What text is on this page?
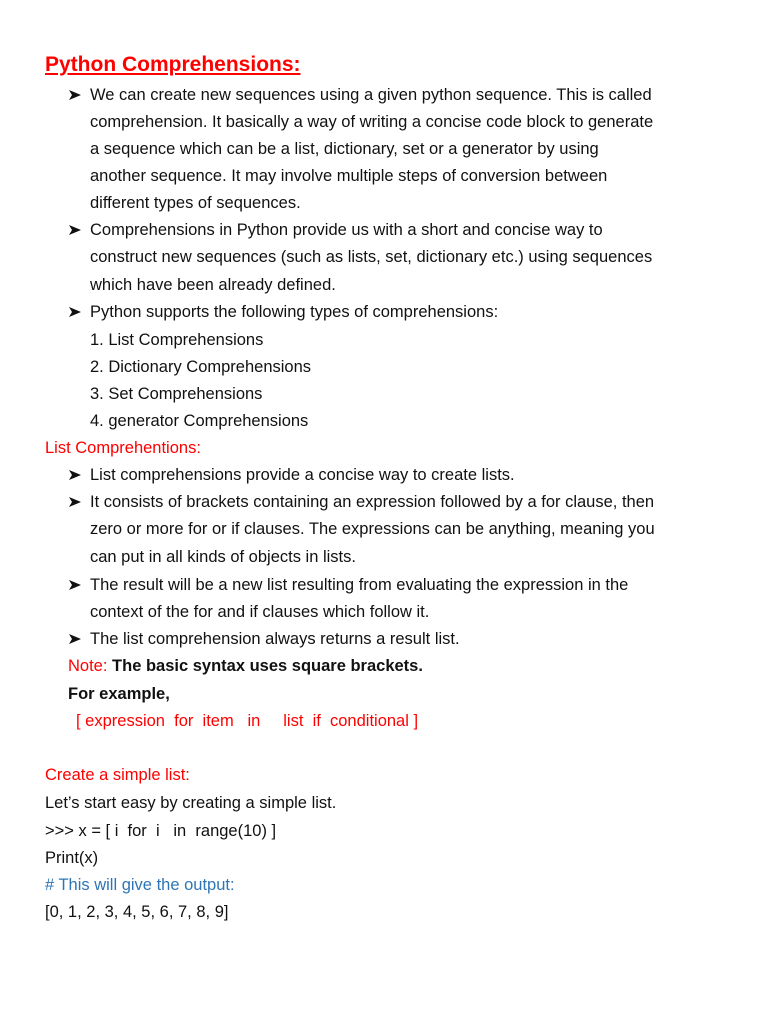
Python Comprehensions:
We can create new sequences using a given python sequence. This is called
comprehension. It basically a way of writing a concise code block to generate
a sequence which can be a list, dictionary, set or a generator by using
another sequence. It may involve multiple steps of conversion between
different types of sequences.
Comprehensions in Python provide us with a short and concise way to
construct new sequences (such as lists, set, dictionary etc.) using sequences
which have been already defined.
Python supports the following types of comprehensions:
1. List Comprehensions
2. Dictionary Comprehensions
3. Set Comprehensions
4. generator Comprehensions
List Comprehentions:
List comprehensions provide a concise way to create lists.
It consists of brackets containing an expression followed by a for clause, then
zero or more for or if clauses. The expressions can be anything, meaning you
can put in all kinds of objects in lists.
The result will be a new list resulting from evaluating the expression in the
context of the for and if clauses which follow it.
The list comprehension always returns a result list.
Note: The basic syntax uses square brackets.
For example,
[ expression  for  item   in     list  if  conditional ]
Create a simple list:
Let’s start easy by creating a simple list.
>>> x = [ i  for  i   in  range(10) ]
Print(x)
# This will give the output:
[0, 1, 2, 3, 4, 5, 6, 7, 8, 9]
